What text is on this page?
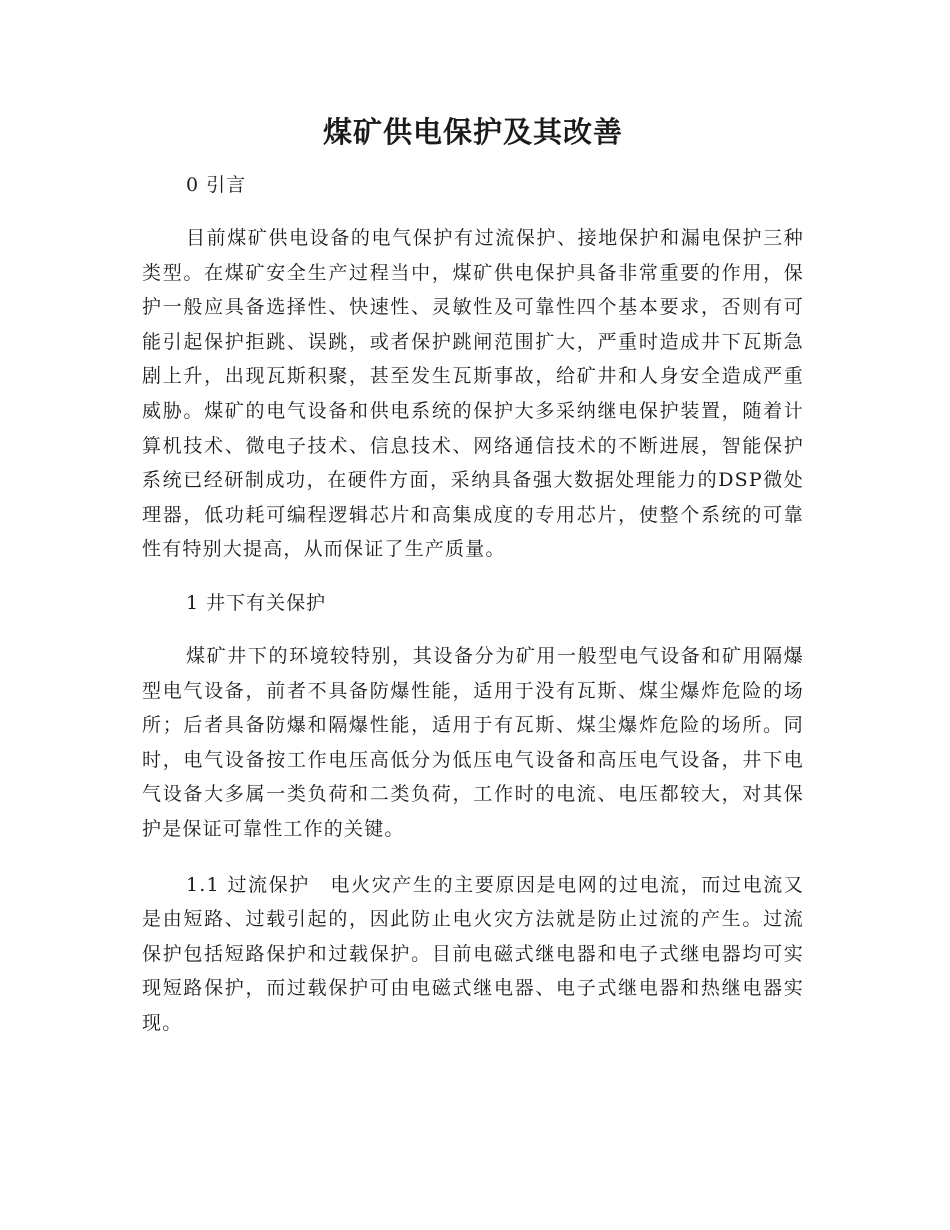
煤矿供电保护及其改善

0 引言

目前煤矿供电设备的电气保护有过流保护、接地保护和漏电保护三种类型。在煤矿安全生产过程当中，煤矿供电保护具备非常重要的作用，保护一般应具备选择性、快速性、灵敏性及可靠性四个基本要求，否则有可能引起保护拒跳、误跳，或者保护跳闸范围扩大，严重时造成井下瓦斯急剧上升，出现瓦斯积聚，甚至发生瓦斯事故，给矿井和人身安全造成严重威胁。煤矿的电气设备和供电系统的保护大多采纳继电保护装置，随着计算机技术、微电子技术、信息技术、网络通信技术的不断进展，智能保护系统已经研制成功，在硬件方面，采纳具备强大数据处理能力的DSP微处理器，低功耗可编程逻辑芯片和高集成度的专用芯片，使整个系统的可靠性有特别大提高，从而保证了生产质量。

1 井下有关保护

煤矿井下的环境较特别，其设备分为矿用一般型电气设备和矿用隔爆型电气设备，前者不具备防爆性能，适用于没有瓦斯、煤尘爆炸危险的场所；后者具备防爆和隔爆性能，适用于有瓦斯、煤尘爆炸危险的场所。同时，电气设备按工作电压高低分为低压电气设备和高压电气设备，井下电气设备大多属一类负荷和二类负荷，工作时的电流、电压都较大，对其保护是保证可靠性工作的关键。

1.1 过流保护  电火灾产生的主要原因是电网的过电流，而过电流又是由短路、过载引起的，因此防止电火灾方法就是防止过流的产生。过流保护包括短路保护和过载保护。目前电磁式继电器和电子式继电器均可实现短路保护，而过载保护可由电磁式继电器、电子式继电器和热继电器实现。
